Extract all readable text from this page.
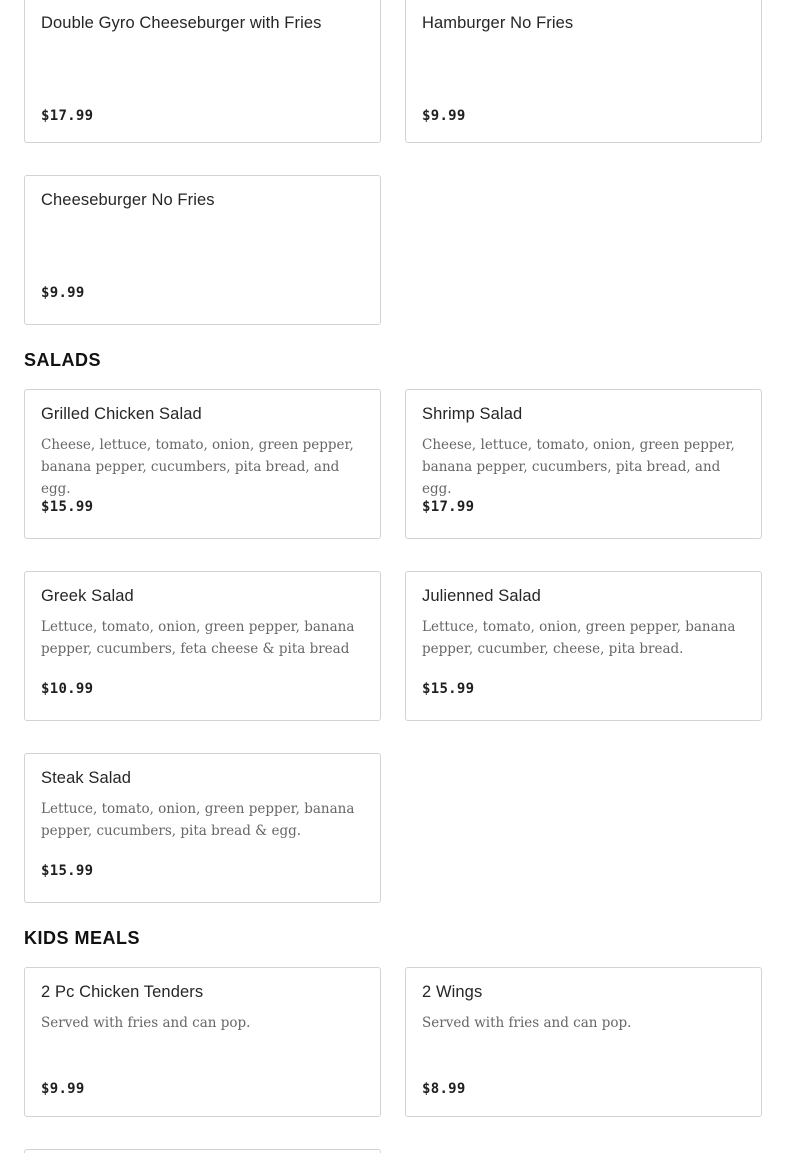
Double Gyro Cheeseburger with Fries
$17.99
Hamburger No Fries
$9.99
Cheeseburger No Fries
$9.99
SALADS
Grilled Chicken Salad
Cheese, lettuce, tomato, onion, green pepper, banana pepper, cucumbers, pita bread, and egg.
$15.99
Shrimp Salad
Cheese, lettuce, tomato, onion, green pepper, banana pepper, cucumbers, pita bread, and egg.
$17.99
Greek Salad
Lettuce, tomato, onion, green pepper, banana pepper, cucumbers, feta cheese & pita bread
$10.99
Julienned Salad
Lettuce, tomato, onion, green pepper, banana pepper, cucumber, cheese, pita bread.
$15.99
Steak Salad
Lettuce, tomato, onion, green pepper, banana pepper, cucumbers, pita bread & egg.
$15.99
KIDS MEALS
2 Pc Chicken Tenders
Served with fries and can pop.
$9.99
2 Wings
Served with fries and can pop.
$8.99
